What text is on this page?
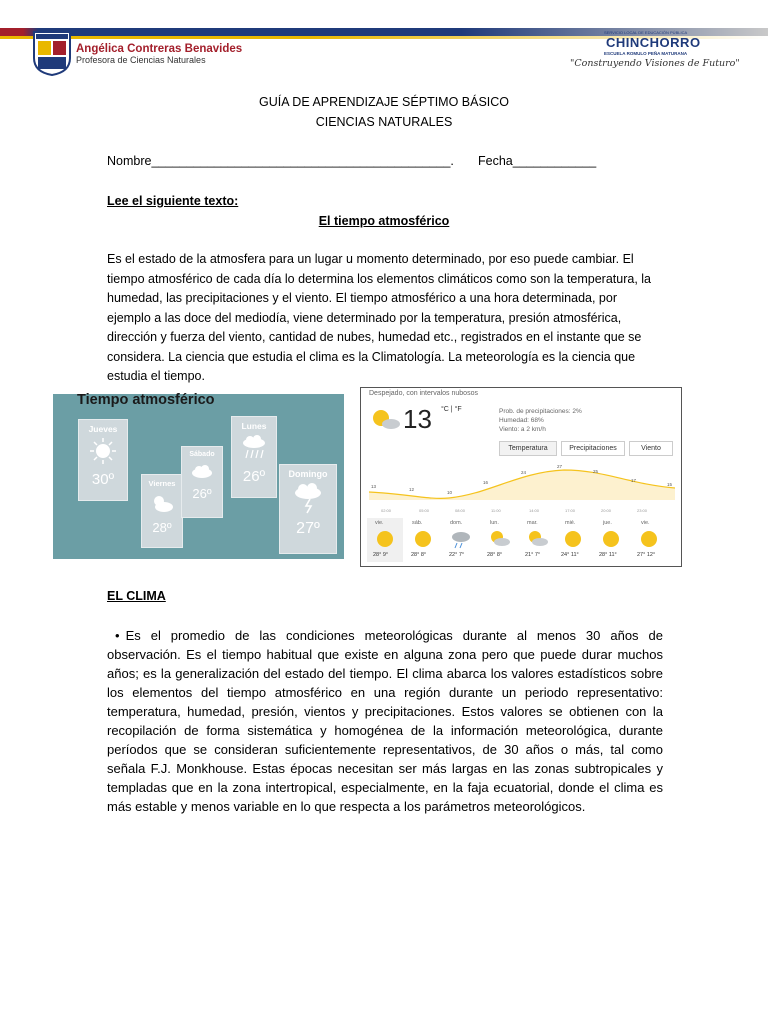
Angélica Contreras Benavides
Profesora de Ciencias Naturales
SERVICIO LOCAL DE EDUCACIÓN PÚBLICA
CHINCHORRO
ESCUELA ROMULO PEÑA MATURANA
"Construyendo Visiones de Futuro"
GUÍA DE APRENDIZAJE SÉPTIMO BÁSICO
CIENCIAS NATURALES
Nombre___________________________________________. Fecha____________
Lee el siguiente texto:
El tiempo atmosférico
Es el estado de la atmosfera para un lugar u momento determinado, por eso puede cambiar. El tiempo atmosférico de cada día lo determina los elementos climáticos como son la temperatura, la humedad, las precipitaciones y el viento. El tiempo atmosférico a una hora determinada, por ejemplo a las doce del mediodía, viene determinado por la temperatura, presión atmosférica, dirección y fuerza del viento, cantidad de nubes, humedad etc., registrados en el instante que se considera. La ciencia que estudia el clima es la Climatología. La meteorología es la ciencia que estudia el tiempo.
Tiempo atmosférico
Jueves
30º	Viernes
28º
Sábado
26º
Lunes
26º	Domingo
27º
Despejado, con intervalos nubosos
13 °C | °F	Prob. de precipitaciones: 2%
Humedad: 68%
Viento: a 2 km/h
Temperatura	Precipitaciones	Viento
13
12
10
16
24
27
25
17
15
02:00	05:00	08:00	11:00	14:00	17:00	20:00	23:00
vie.	sáb.	dom.	lun.	mar.	mié.	jue.	vie.
28° 9°	28° 8°	22° 7°	28° 8°	21° 7°	24° 11°	28° 11°	27° 12°
EL CLIMA
• Es el promedio de las condiciones meteorológicas durante al menos 30 años de observación. Es el tiempo habitual que existe en alguna zona pero que puede durar muchos años; es la generalización del estado del tiempo. El clima abarca los valores estadísticos sobre los elementos del tiempo atmosférico en una región durante un periodo representativo: temperatura, humedad, presión, vientos y precipitaciones. Estos valores se obtienen con la recopilación de forma sistemática y homogénea de la información meteorológica, durante períodos que se consideran suficientemente representativos, de 30 años o más, tal como señala F.J. Monkhouse. Estas épocas necesitan ser más largas en las zonas subtropicales y templadas que en la zona intertropical, especialmente, en la faja ecuatorial, donde el clima es más estable y menos variable en lo que respecta a los parámetros meteorológicos.
